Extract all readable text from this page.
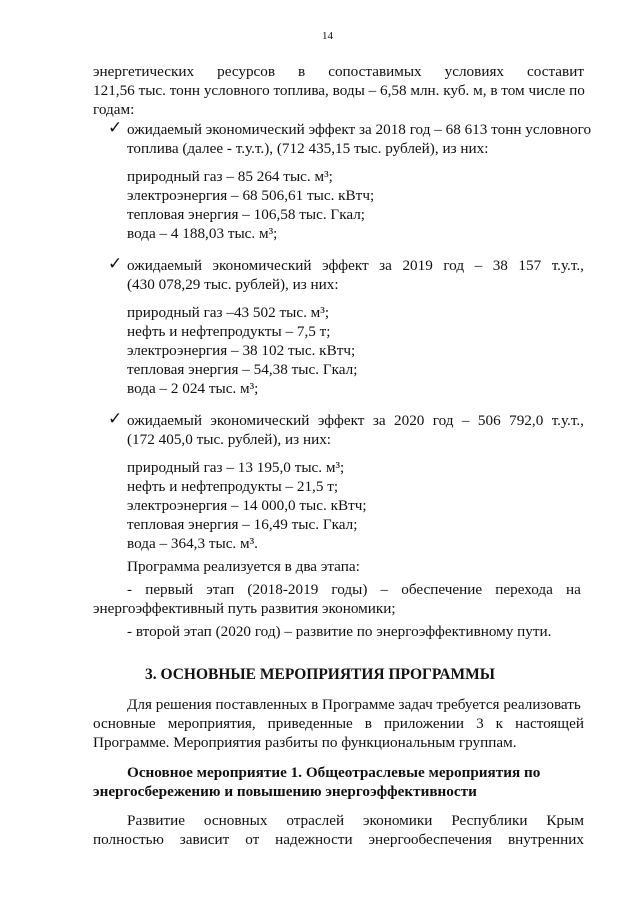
14
энергетических ресурсов в сопоставимых условиях составит
121,56 тыс. тонн условного топлива, воды – 6,58 млн. куб. м, в том числе по
годам:
✓ ожидаемый экономический эффект за 2018 год – 68 613 тонн условного
топлива (далее - т.у.т.), (712 435,15 тыс. рублей), из них:
природный газ – 85 264 тыс. м³;
электроэнергия – 68 506,61 тыс. кВтч;
тепловая энергия – 106,58 тыс. Гкал;
вода – 4 188,03 тыс. м³;
✓ ожидаемый экономический эффект за 2019 год – 38 157 т.у.т.,
(430 078,29 тыс. рублей), из них:
природный газ –43 502 тыс. м³;
нефть и нефтепродукты – 7,5 т;
электроэнергия – 38 102 тыс. кВтч;
тепловая энергия – 54,38 тыс. Гкал;
вода – 2 024 тыс. м³;
✓ ожидаемый экономический эффект за 2020 год – 506 792,0 т.у.т.,
(172 405,0 тыс. рублей), из них:
природный газ – 13 195,0 тыс. м³;
нефть и нефтепродукты – 21,5 т;
электроэнергия – 14 000,0 тыс. кВтч;
тепловая энергия – 16,49 тыс. Гкал;
вода – 364,3 тыс. м³.
Программа реализуется в два этапа:
- первый этап (2018-2019 годы) – обеспечение перехода на
энергоэффективный путь развития экономики;
- второй этап (2020 год) – развитие по энергоэффективному пути.
3. ОСНОВНЫЕ МЕРОПРИЯТИЯ ПРОГРАММЫ
Для решения поставленных в Программе задач требуется реализовать
основные мероприятия, приведенные в приложении 3 к настоящей
Программе. Мероприятия разбиты по функциональным группам.
Основное мероприятие 1. Общеотраслевые мероприятия по
энергосбережению и повышению энергоэффективности
Развитие основных отраслей экономики Республики Крым
полностью зависит от надежности энергообеспечения внутренних
